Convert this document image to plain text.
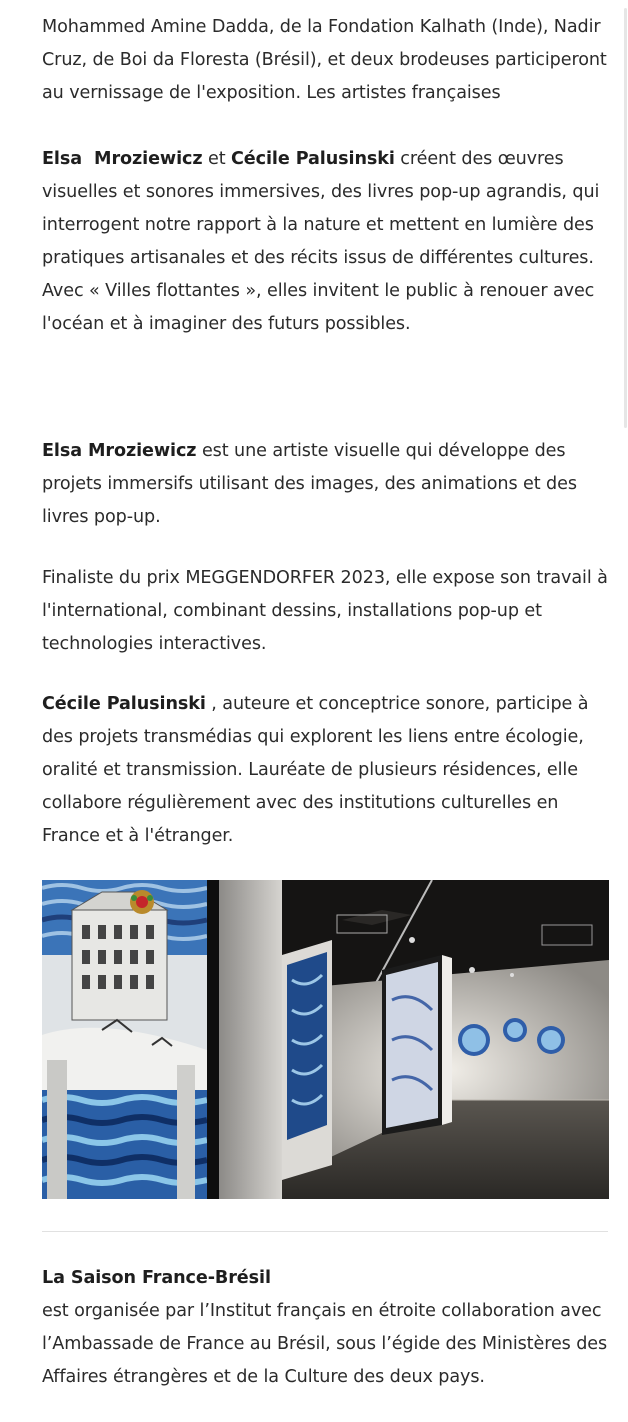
Mohammed Amine Dadda, de la Fondation Kalhath (Inde), Nadir Cruz, de Boi da Floresta (Brésil), et deux brodeuses participeront au vernissage de l'exposition. Les artistes françaises

Elsa  Mroziewicz et Cécile Palusinski créent des œuvres visuelles et sonores immersives, des livres pop-up agrandis, qui interrogent notre rapport à la nature et mettent en lumière des pratiques artisanales et des récits issus de différentes cultures. Avec « Villes flottantes », elles invitent le public à renouer avec l'océan et à imaginer des futurs possibles.

Elsa Mroziewicz est une artiste visuelle qui développe des projets immersifs utilisant des images, des animations et des livres pop-up.

Finaliste du prix MEGGENDORFER 2023, elle expose son travail à l'international, combinant dessins, installations pop-up et technologies interactives.

Cécile Palusinski , auteure et conceptrice sonore, participe à des projets transmédias qui explorent les liens entre écologie, oralité et transmission. Lauréate de plusieurs résidences, elle collabore régulièrement avec des institutions culturelles en France et à l'étranger.

La Saison France-Brésil
est organisée par l’Institut français en étroite collaboration avec l’Ambassade de France au Brésil, sous l’égide des Ministères des Affaires étrangères et de la Culture des deux pays.
